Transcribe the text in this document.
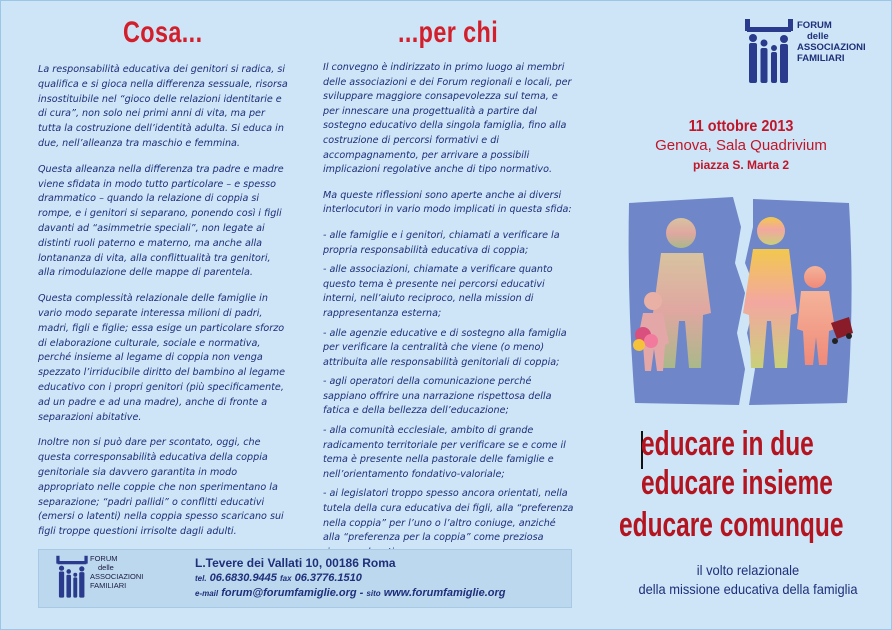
Cosa...

La responsabilità educativa dei genitori si radica, si qualifica e si gioca nella differenza sessuale, risorsa insostituibile nel “gioco delle relazioni identitarie e di cura”, non solo nei primi anni di vita, ma per tutta la costruzione dell’identità adulta. Si educa in due, nell’alleanza tra maschio e femmina.

Questa alleanza nella differenza tra padre e madre viene sfidata in modo tutto particolare – e spesso drammatico – quando la relazione di coppia si rompe, e i genitori si separano, ponendo così i figli davanti ad “asimmetrie speciali”, non legate ai distinti ruoli paterno e materno, ma anche alla lontananza di vita, alla conflittualità tra genitori, alla rimodulazione delle mappe di parentela.

Questa complessità relazionale delle famiglie in vario modo separate interessa milioni di padri, madri, figli e figlie; essa esige un particolare sforzo di elaborazione culturale, sociale e normativa, perché insieme al legame di coppia non venga spezzato l’irriducibile diritto del bambino al legame educativo con i propri genitori (più specificamente, ad un padre e ad una madre), anche di fronte a separazioni abitative.

Inoltre non si può dare per scontato, oggi, che questa corresponsabilità educativa della coppia genitoriale sia davvero garantita in modo appropriato nelle coppie che non sperimentano la separazione; “padri pallidi” o conflitti educativi (emersi o latenti) nella coppia spesso scaricano sui figli troppe questioni irrisolte dagli adulti.

...per chi

Il convegno è indirizzato in primo luogo ai membri delle associazioni e dei Forum regionali e locali, per sviluppare maggiore consapevolezza sul tema, e per innescare una progettualità a partire dal sostegno educativo della singola famiglia, fino alla costruzione di percorsi formativi e di accompagnamento, per arrivare a possibili implicazioni regolative anche di tipo normativo.

Ma queste riflessioni sono aperte anche ai diversi interlocutori in vario modo implicati in questa sfida:

- alle famiglie e i genitori, chiamati a verificare la propria responsabilità educativa di coppia;

- alle associazioni, chiamate a verificare quanto questo tema è presente nei percorsi educativi interni, nell’aiuto reciproco, nella mission di rappresentanza esterna;

- alle agenzie educative e di sostegno alla famiglia per verificare la centralità che viene (o meno) attribuita alle responsabilità genitoriali di coppia;

- agli operatori della comunicazione perché sappiano offrire una narrazione rispettosa della fatica e della bellezza dell’educazione;

- alla comunità ecclesiale, ambito di grande radicamento territoriale per verificare se e come il tema è presente nella pastorale delle famiglie e nell’orientamento fondativo-valoriale;

- ai legislatori troppo spesso ancora orientati, nella tutela della cura educativa dei figli, alla “preferenza nella coppia” per l’uno o l’altro coniuge, anziché alla “preferenza per la coppia” come preziosa

FORUM
delle
ASSOCIAZIONI
FAMILIARI
11 ottobre 2013
Genova, Sala Quadrivium
piazza S. Marta 2
educare in due
educare insieme
educare comunque
il volto relazionale
della missione educativa della famiglia
FORUM
delle
ASSOCIAZIONI
FAMILIARI
L.Tevere dei Vallati 10, 00186 Roma
tel. 06.6830.9445 fax 06.3776.1510
e-mail forum@forumfamiglie.org - sito www.forumfamiglie.org
